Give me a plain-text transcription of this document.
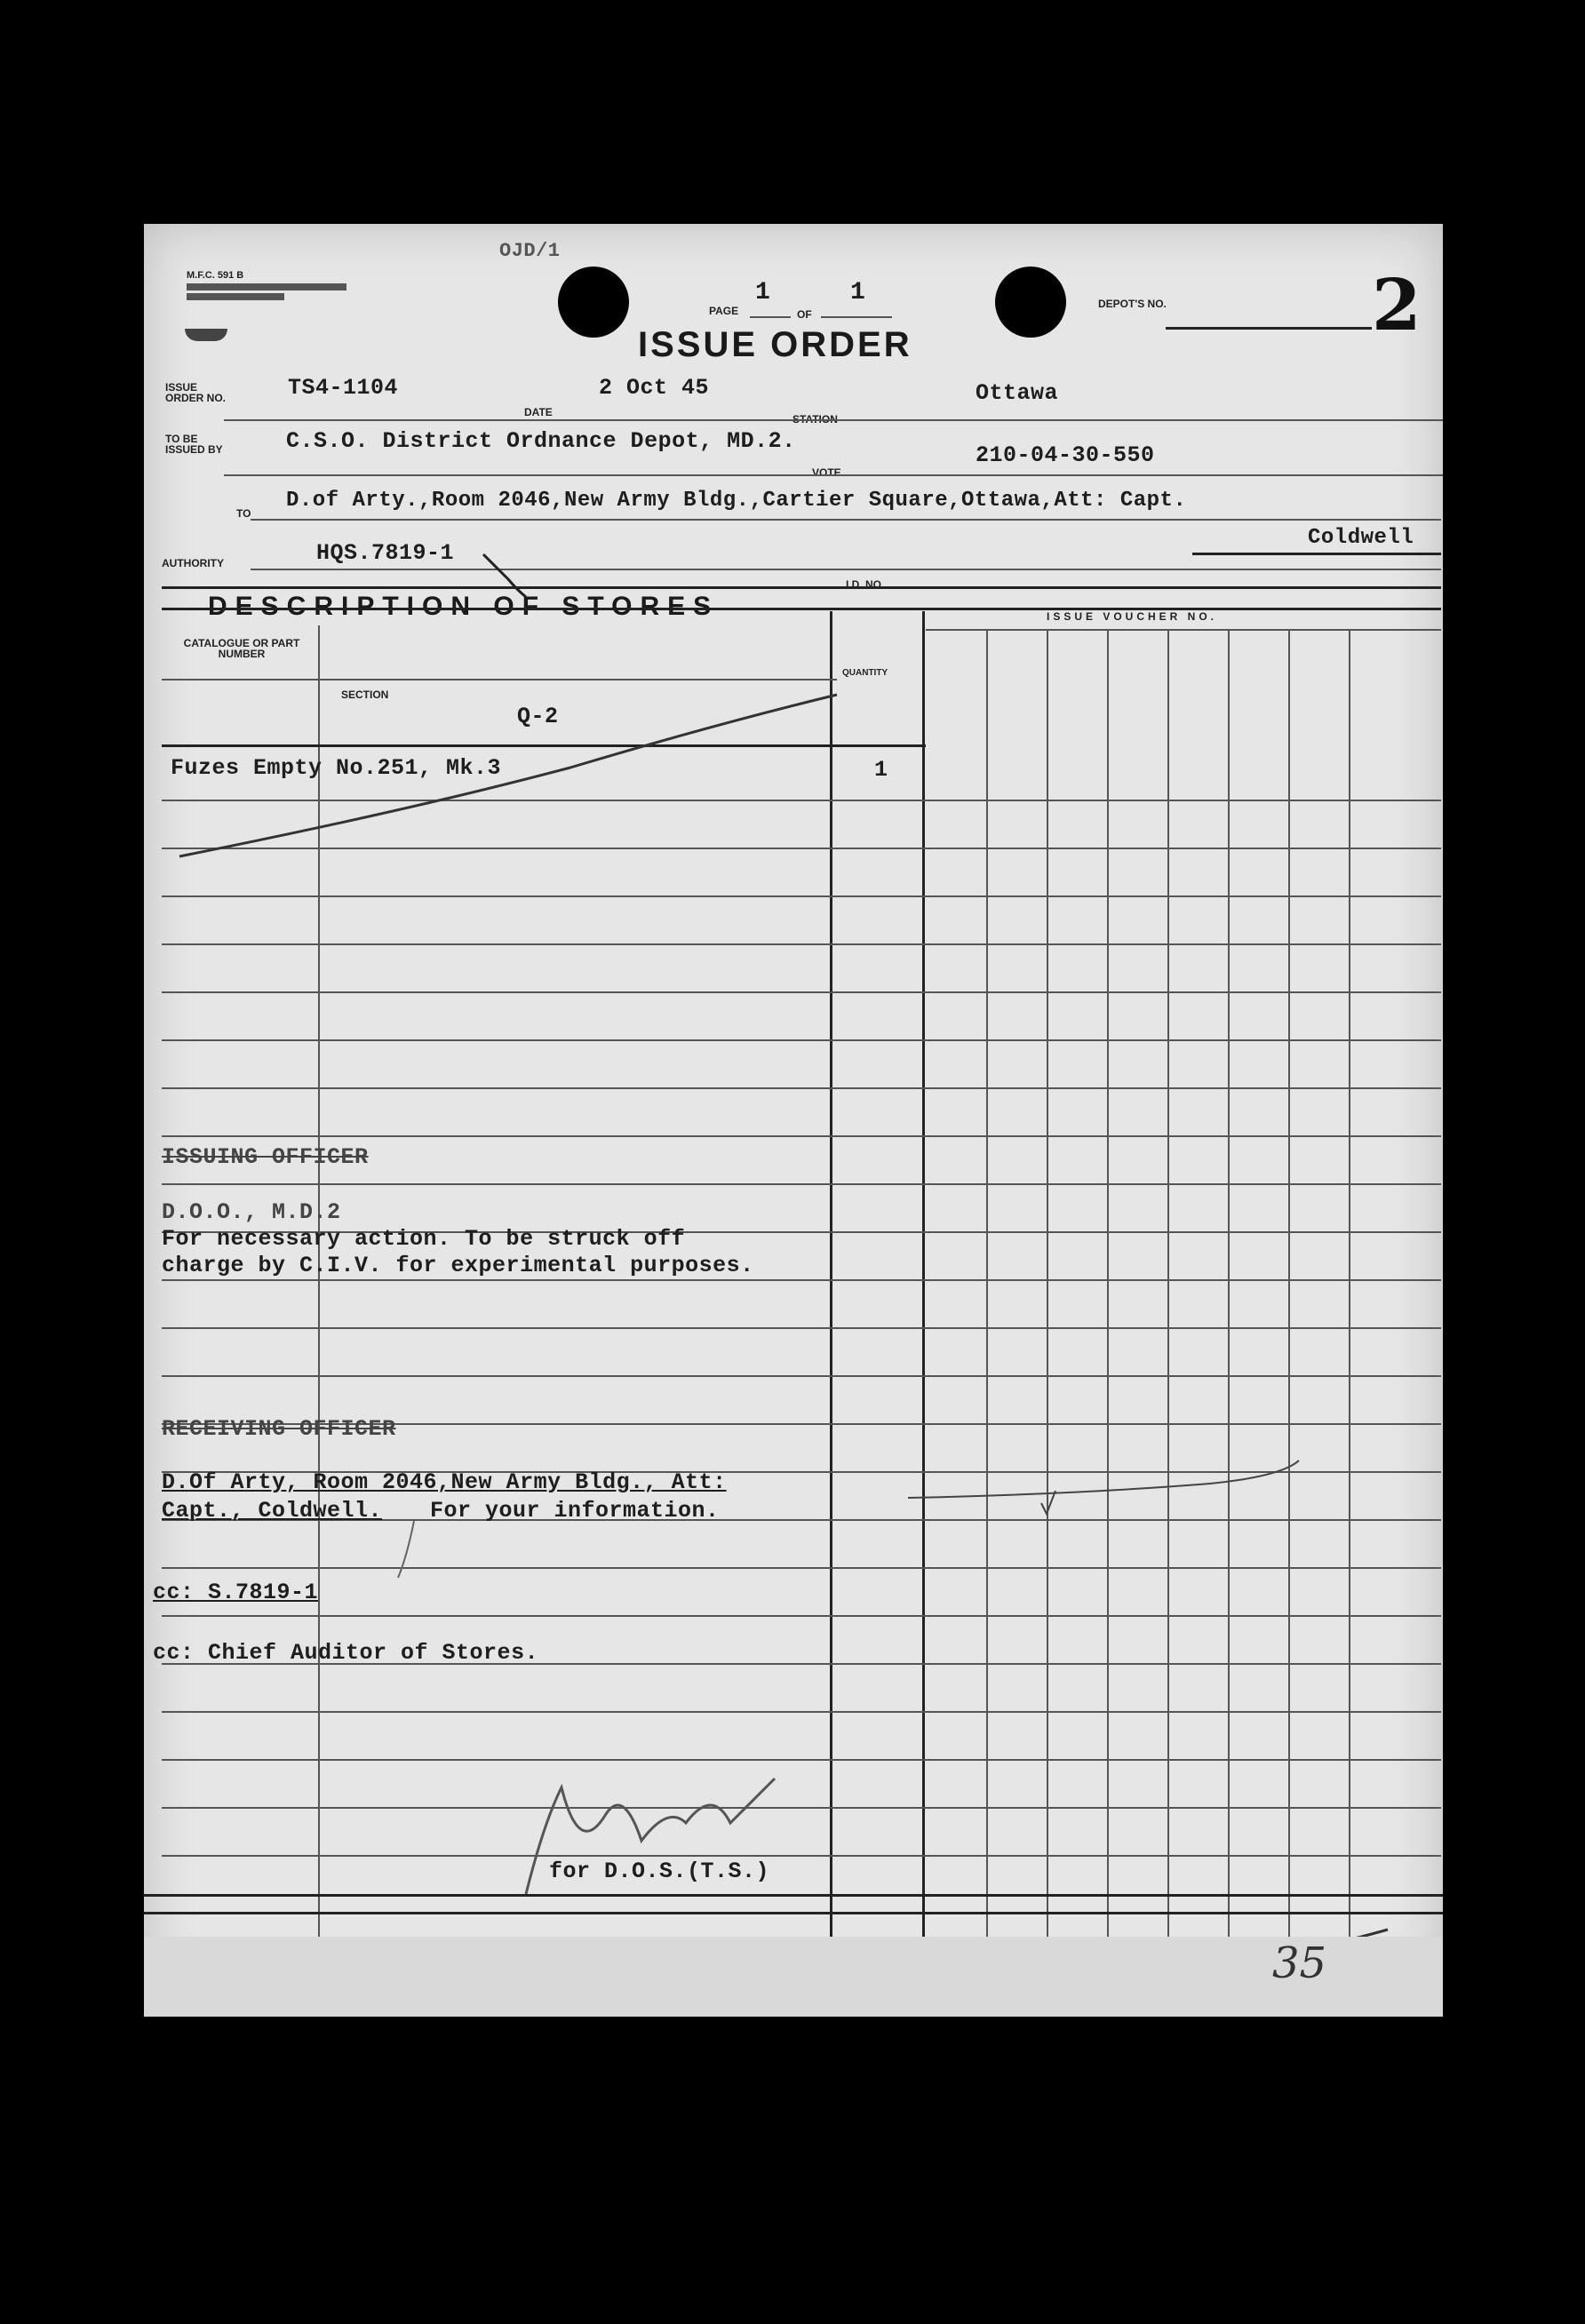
M.F.C. 591 B
OJD/1
PAGE
1
OF
1	DEPOT'S NO.	2
ISSUE ORDER
ISSUE ORDER NO.	TS4-1104
DATE
2 Oct 45
STATION
Ottawa
TO BE ISSUED BY	C.S.O. District Ordnance Depot, MD.2.
VOTE
210-04-30-550
TO
D.of Arty.,Room 2046,New Army Bldg.,Cartier Square,Ottawa,Att: Capt.
Coldwell
AUTHORITY	HQS.7819-1
I.D. NO.
DESCRIPTION OF STORES
CATALOGUE OR PART NUMBER
SECTION
Q-2
QUANTITY
ISSUE VOUCHER NO.
Fuzes Empty No.251, Mk.3	1
ISSUING OFFICER
D.O.O., M.D.2
For necessary action. To be struck off
charge by C.I.V. for experimental purposes.
RECEIVING OFFICER
D.Of Arty, Room 2046,New Army Bldg., Att:
Capt., Coldwell. For your information.
cc: S.7819-1
cc: Chief Auditor of Stores.
for D.O.S.(T.S.)
35
